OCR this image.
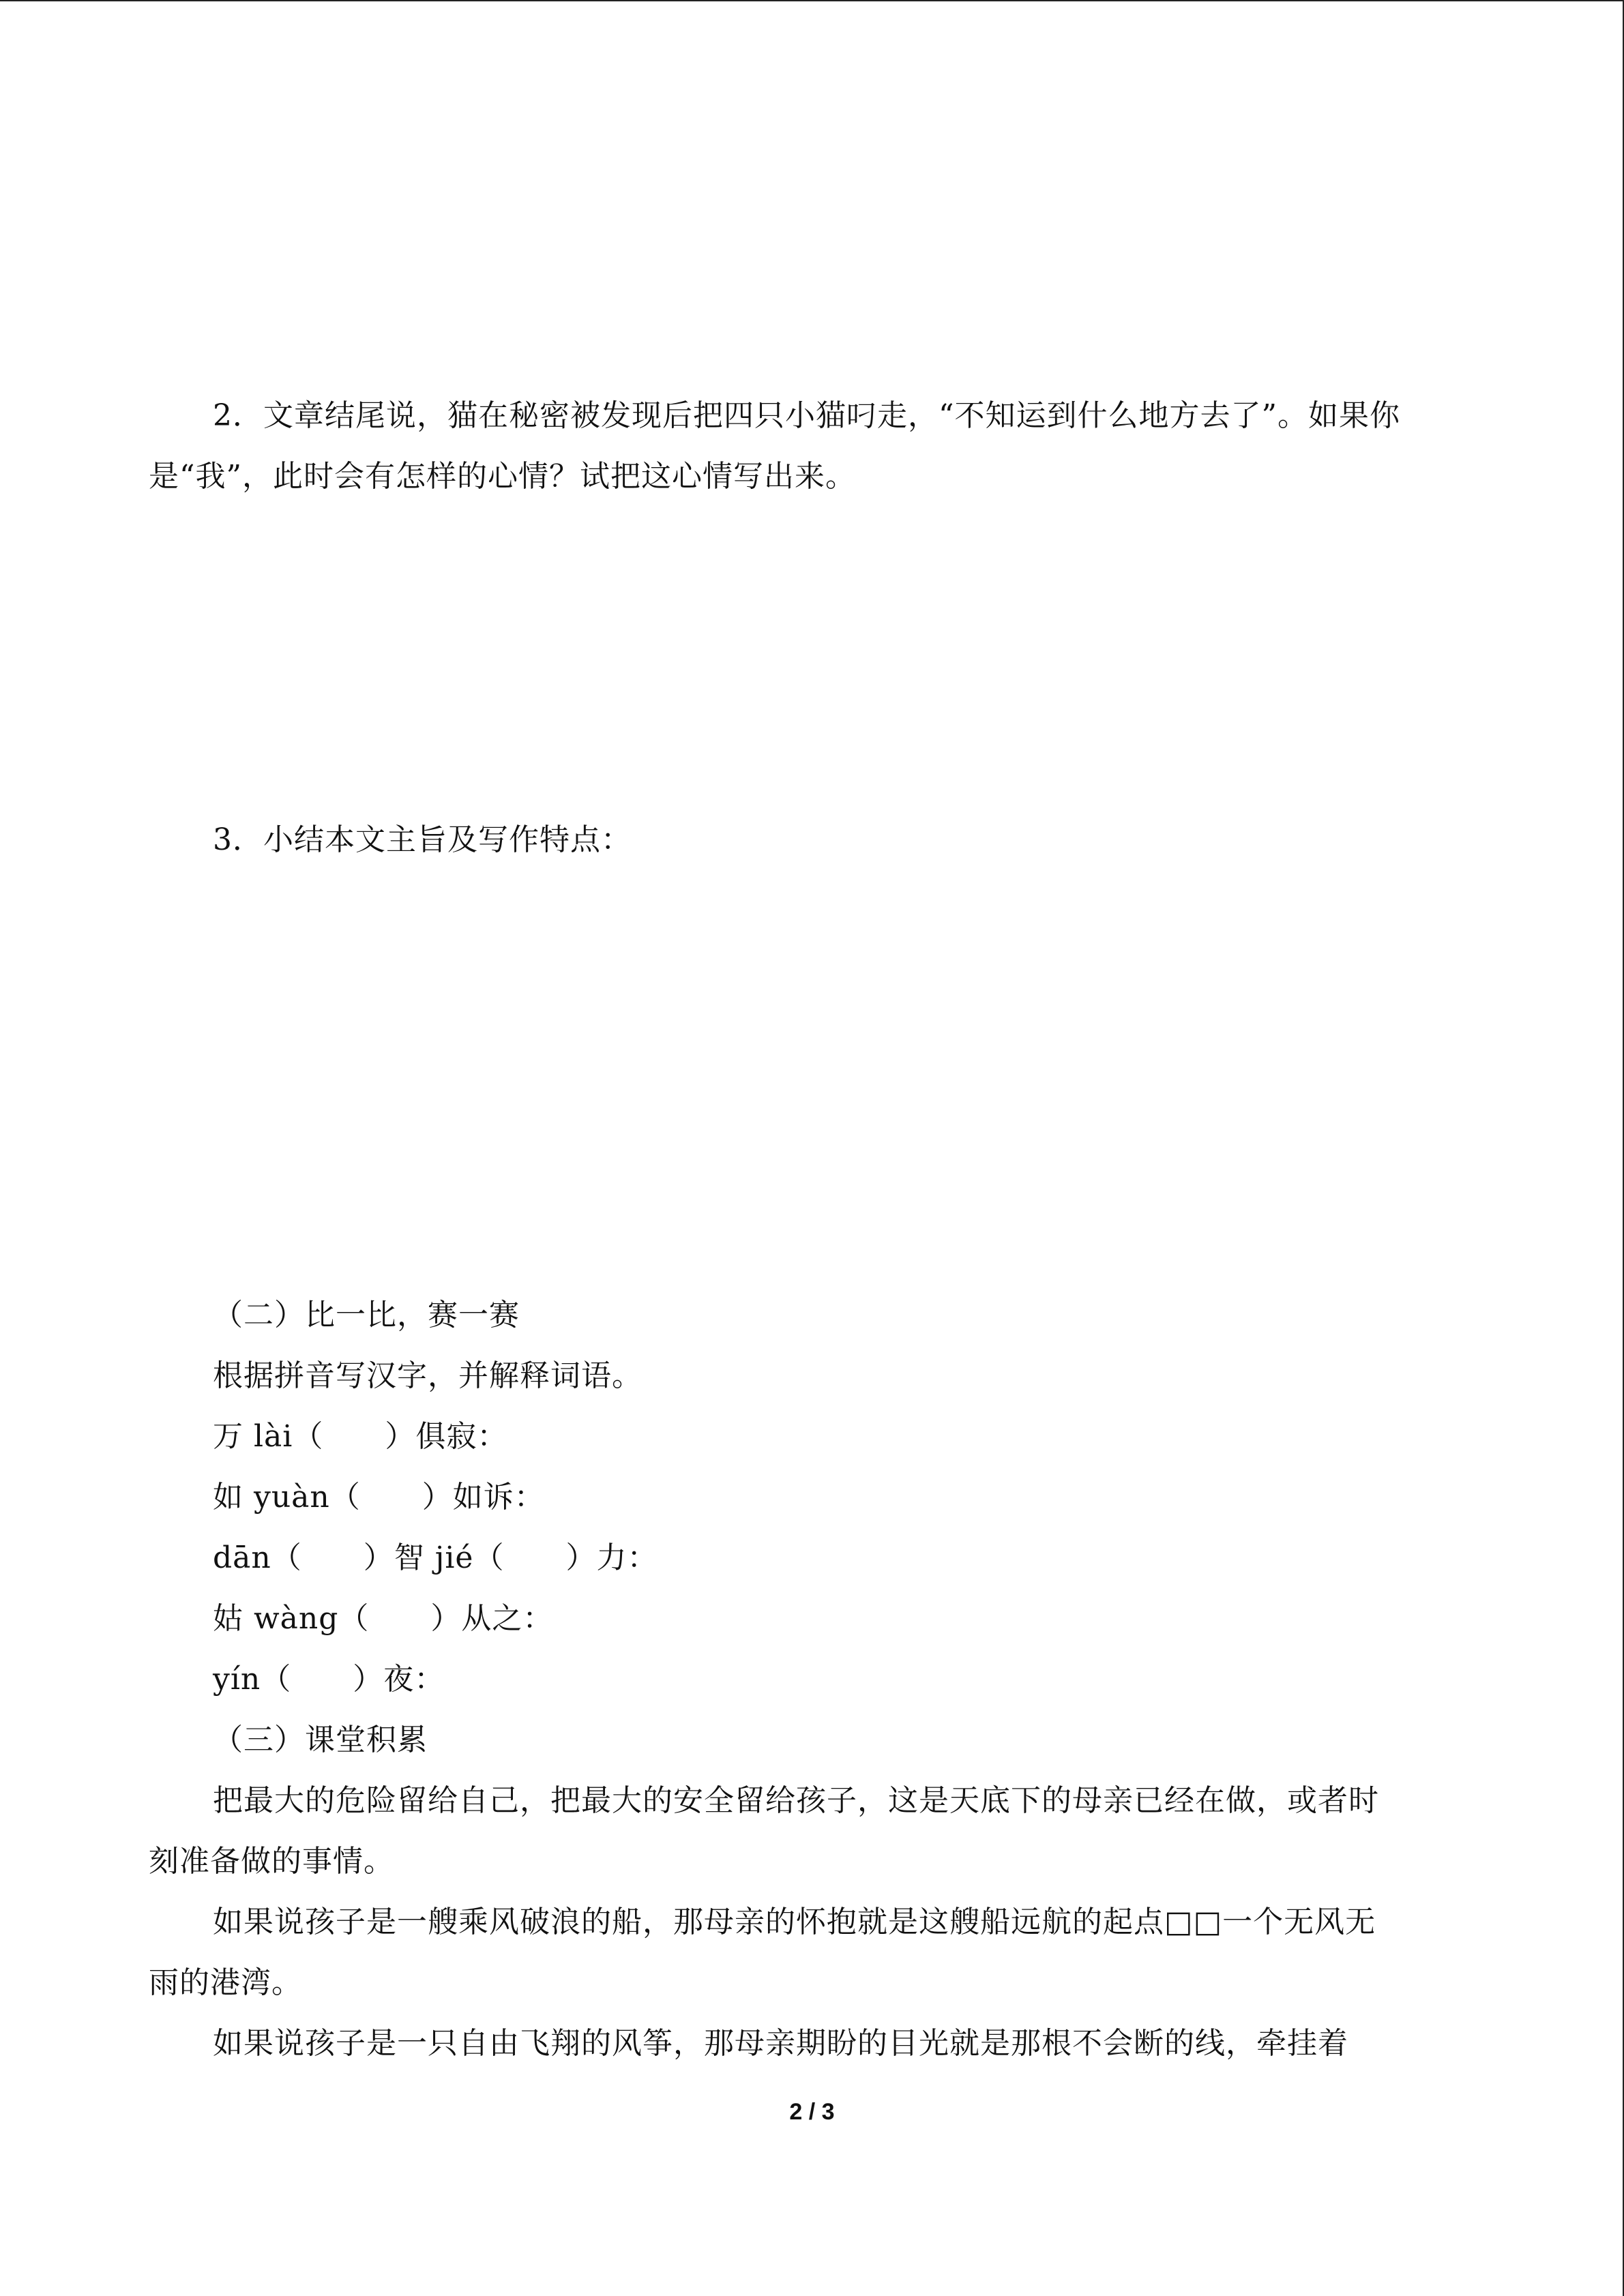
2．文章结尾说，猫在秘密被发现后把四只小猫叼走，“不知运到什么地方去了”。如果你
是“我”，此时会有怎样的心情？试把这心情写出来。
3．小结本文主旨及写作特点：
（二）比一比，赛一赛
根据拼音写汉字，并解释词语。
万 lài（　　）俱寂：
如 yuàn（　　）如诉：
dān（　　）智 jié（　　）力：
姑 wàng（　　）从之：
yín（　　）夜：
（三）课堂积累
把最大的危险留给自己，把最大的安全留给孩子，这是天底下的母亲已经在做，或者时
刻准备做的事情。
如果说孩子是一艘乘风破浪的船，那母亲的怀抱就是这艘船远航的起点□□一个无风无
雨的港湾。
如果说孩子是一只自由飞翔的风筝，那母亲期盼的目光就是那根不会断的线，牵挂着
2 / 3
